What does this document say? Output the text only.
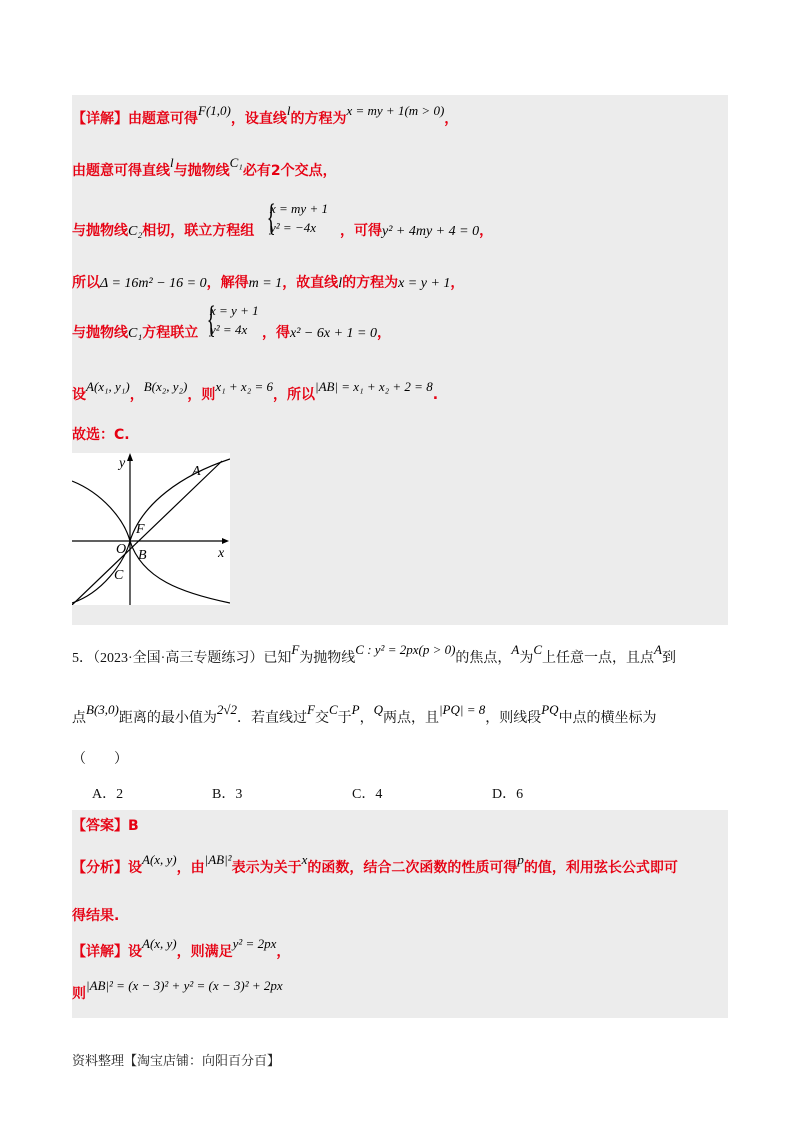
【详解】由题意可得F(1,0)，设直线l的方程为x = my + 1(m > 0)，
由题意可得直线l与抛物线C₁必有2个交点，
与抛物线C₂相切，联立方程组 {
x = my + 1
y² = −4x	，可得y² + 4my + 4 = 0，
所以Δ = 16m² − 16 = 0，解得m = 1，故直线l的方程为x = y + 1，
与抛物线C₁方程联立 {
x = y + 1
y² = 4x	，得x² − 6x + 1 = 0，
设A(x₁, y₁)，B(x₂, y₂)，则x₁ + x₂ = 6，所以|AB| = x₁ + x₂ + 2 = 8.
故选：C.
y
x
A
F
O B
C
5．（2023·全国·高三专题练习）已知F为抛物线C : y² = 2px(p > 0)的焦点，A为C上任意一点，且点A到
点B(3,0)距离的最小值为2√2．若直线过F交C于P，Q两点，且|PQ| = 8，则线段PQ中点的横坐标为
（　　）
A．2	B．3	C．4	D．6
【答案】B
【分析】设A(x, y)，由|AB|²表示为关于x的函数，结合二次函数的性质可得p的值，利用弦长公式即可
得结果.
【详解】设A(x, y)，则满足y² = 2px，
则|AB|² = (x − 3)² + y² = (x − 3)² + 2px
资料整理【淘宝店铺：向阳百分百】
